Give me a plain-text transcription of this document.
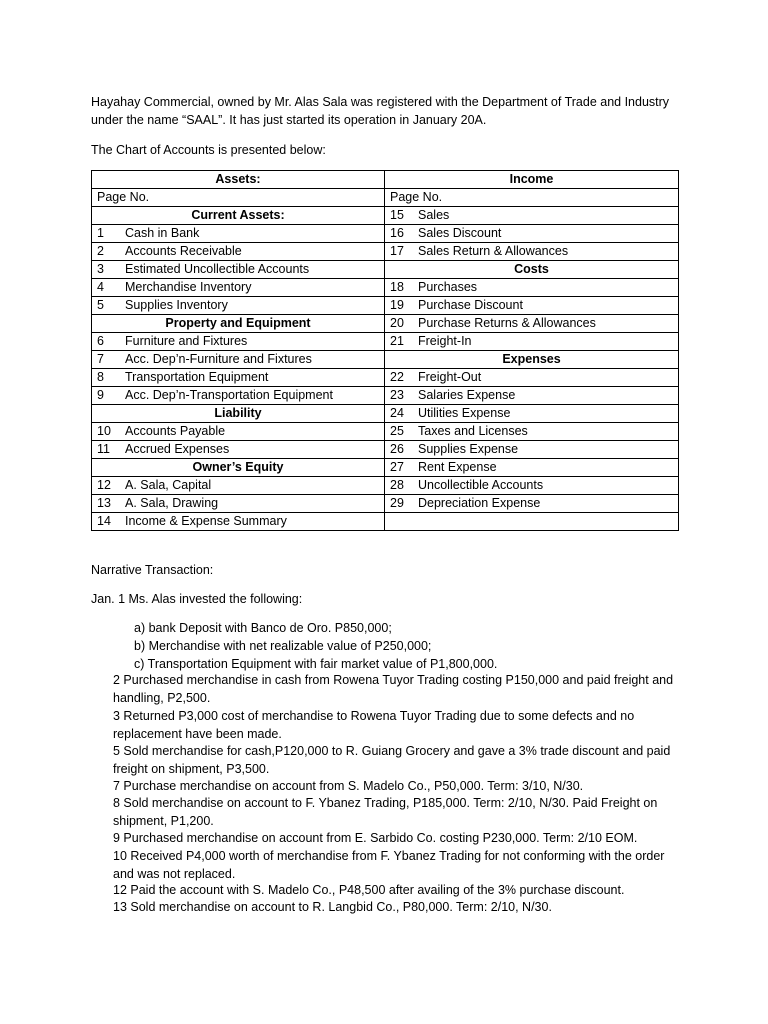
Hayahay Commercial, owned by Mr. Alas Sala was registered with the Department of Trade and Industry under the name “SAAL”. It has just started its operation in January 20A.

The Chart of Accounts is presented below:

Assets:	Income
Page No.	Page No.
Current Assets:	15 Sales
1 Cash in Bank	16 Sales Discount
2 Accounts Receivable	17 Sales Return & Allowances
3 Estimated Uncollectible Accounts	Costs
4 Merchandise Inventory	18 Purchases
5 Supplies Inventory	19 Purchase Discount
Property and Equipment	20 Purchase Returns & Allowances
6 Furniture and Fixtures	21 Freight-In
7 Acc. Dep’n-Furniture and Fixtures	Expenses
8 Transportation Equipment	22 Freight-Out
9 Acc. Dep’n-Transportation Equipment	23 Salaries Expense
Liability	24 Utilities Expense
10 Accounts Payable	25 Taxes and Licenses
11 Accrued Expenses	26 Supplies Expense
Owner’s Equity	27 Rent Expense
12 A. Sala, Capital	28 Uncollectible Accounts
13 A. Sala, Drawing	29 Depreciation Expense
14 Income & Expense Summary	

Narrative Transaction:

Jan. 1 Ms. Alas invested the following:

a) bank Deposit with Banco de Oro. P850,000;

b) Merchandise with net realizable value of P250,000;

c) Transportation Equipment with fair market value of P1,800,000.

2 Purchased merchandise in cash from Rowena Tuyor Trading costing P150,000 and paid freight and handling, P2,500.

3 Returned P3,000 cost of merchandise to Rowena Tuyor Trading due to some defects and no replacement have been made.

5 Sold merchandise for cash,P120,000 to R. Guiang Grocery and gave a 3% trade discount and paid freight on shipment, P3,500.

7 Purchase merchandise on account from S. Madelo Co., P50,000. Term: 3/10, N/30.

8 Sold merchandise on account to F. Ybanez Trading, P185,000. Term: 2/10, N/30. Paid Freight on shipment, P1,200.

9 Purchased merchandise on account from E. Sarbido Co. costing P230,000. Term: 2/10 EOM.

10 Received P4,000 worth of merchandise from F. Ybanez Trading for not conforming with the order and was not replaced.

12 Paid the account with S. Madelo Co., P48,500 after availing of the 3% purchase discount.

13 Sold merchandise on account to R. Langbid Co., P80,000. Term: 2/10, N/30.
